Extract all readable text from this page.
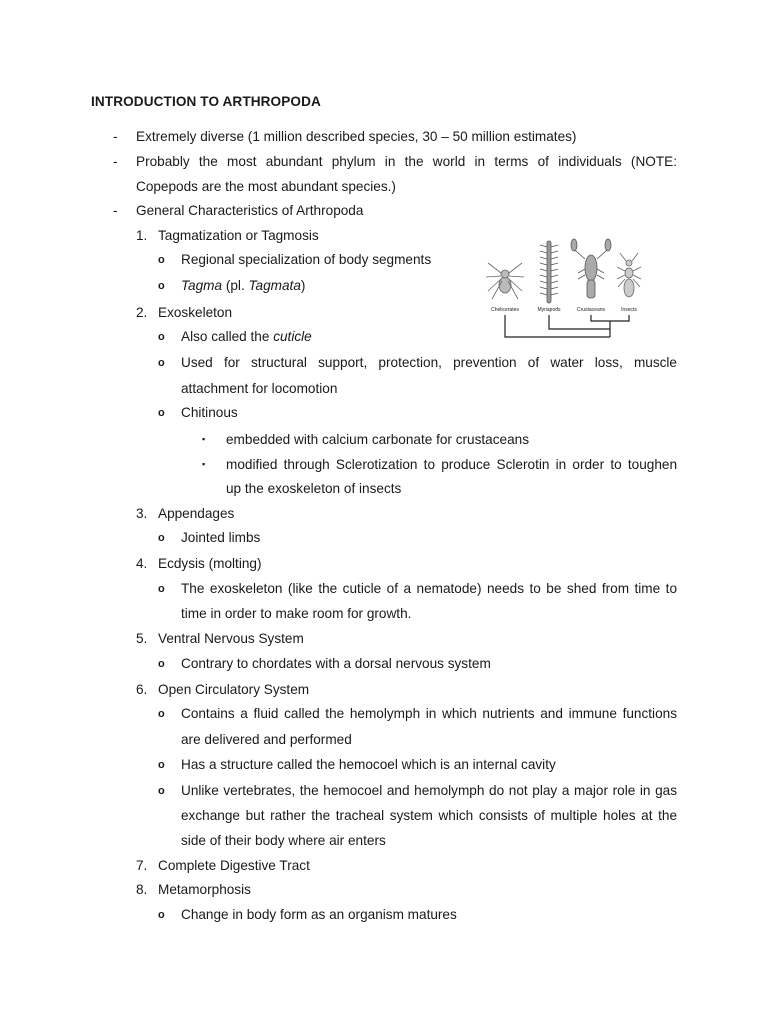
INTRODUCTION TO ARTHROPODA
- Extremely diverse (1 million described species, 30 – 50 million estimates)
- Probably the most abundant phylum in the world in terms of individuals (NOTE:
Copepods are the most abundant species.)
- General Characteristics of Arthropoda
1. Tagmatization or Tagmosis
o Regional specialization of body segments
o Tagma (pl. Tagmata)
2. Exoskeleton
o Also called the cuticle
o Used for structural support, protection, prevention of water loss, muscle
attachment for locomotion
o Chitinous
▪ embedded with calcium carbonate for crustaceans
▪ modified through Sclerotization to produce Sclerotin in order to toughen
up the exoskeleton of insects
3. Appendages
o Jointed limbs
4. Ecdysis (molting)
o The exoskeleton (like the cuticle of a nematode) needs to be shed from time to
time in order to make room for growth.
5. Ventral Nervous System
o Contrary to chordates with a dorsal nervous system
6. Open Circulatory System
o Contains a fluid called the hemolymph in which nutrients and immune functions
are delivered and performed
o Has a structure called the hemocoel which is an internal cavity
o Unlike vertebrates, the hemocoel and hemolymph do not play a major role in gas
exchange but rather the tracheal system which consists of multiple holes at the
side of their body where air enters
7. Complete Digestive Tract
8. Metamorphosis
o Change in body form as an organism matures
Chelicerates	Myriapods	Crustaceans	Insects
